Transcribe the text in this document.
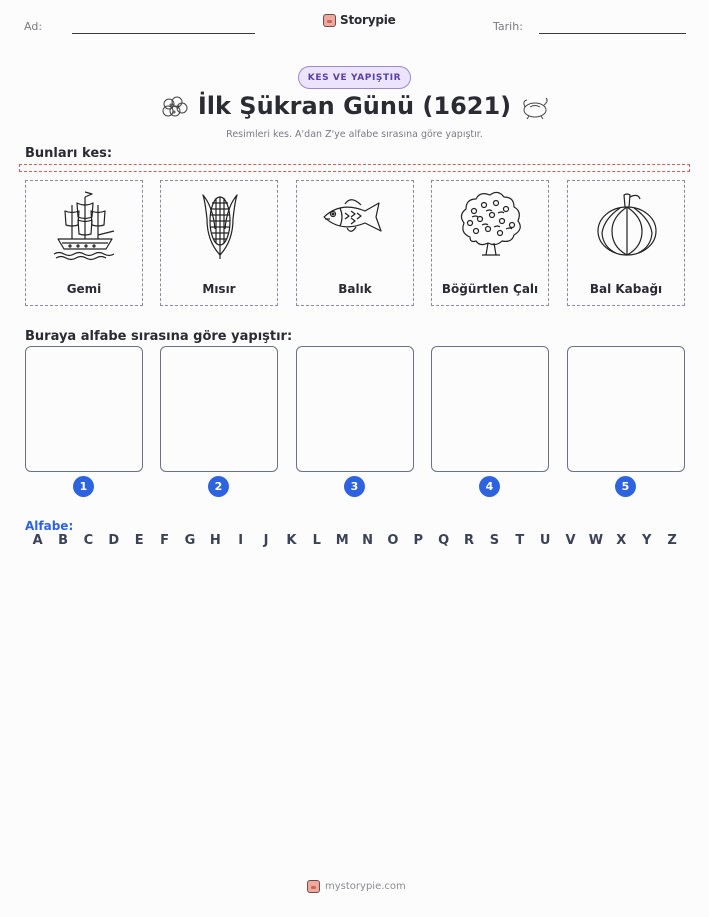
Ad:	Storypie	Tarih:
KES VE YAPIŞTIR
İlk Şükran Günü (1621)
Resimleri kes. A'dan Z'ye alfabe sırasına göre yapıştır.
Bunları kes:
Gemi	Mısır	Balık	Böğürtlen Çalı	Bal Kabağı
Buraya alfabe sırasına göre yapıştır:
1	2	3	4	5
Alfabe:
A	B	C	D	E	F	G	H	I	J	K	L	M	N	O	P	Q	R	S	T	U	V	W	X	Y	Z
mystorypie.com
